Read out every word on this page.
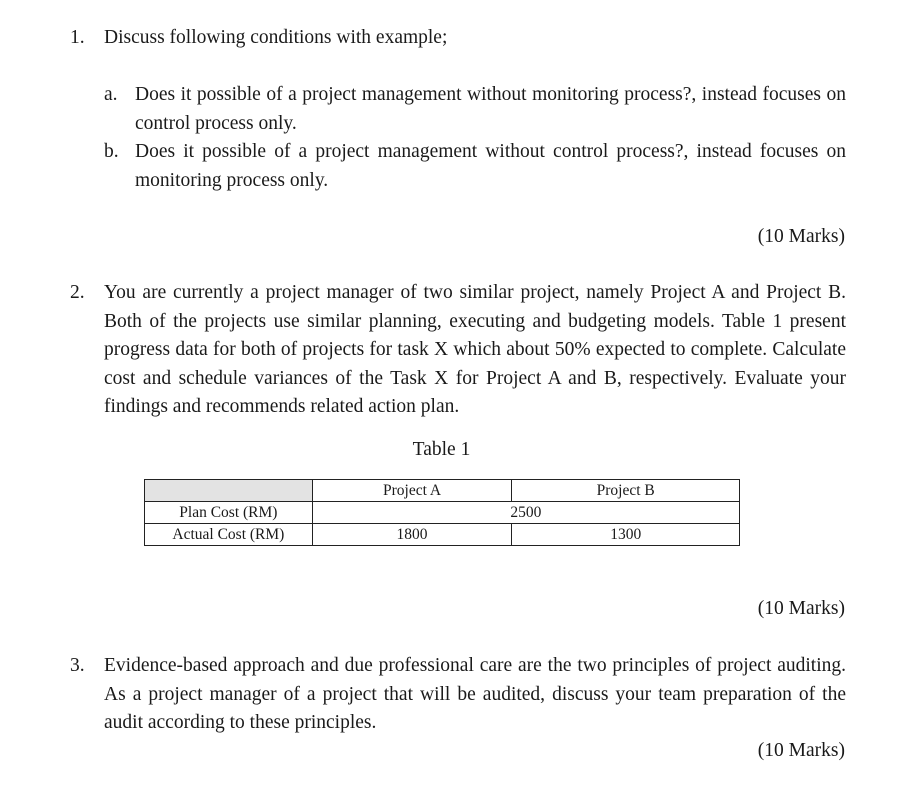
1. Discuss following conditions with example;
a. Does it possible of a project management without monitoring process?, instead focuses on control process only.
b. Does it possible of a project management without control process?, instead focuses on monitoring process only.
(10 Marks)
2. You are currently a project manager of two similar project, namely Project A and Project B. Both of the projects use similar planning, executing and budgeting models. Table 1 present progress data for both of projects for task X which about 50% expected to complete. Calculate cost and schedule variances of the Task X for Project A and B, respectively. Evaluate your findings and recommends related action plan.
Table 1
	Project A	Project B
Plan Cost (RM)	2500	
Actual Cost (RM)	1800	1300
(10 Marks)
3. Evidence-based approach and due professional care are the two principles of project auditing. As a project manager of a project that will be audited, discuss your team preparation of the audit according to these principles.
(10 Marks)
